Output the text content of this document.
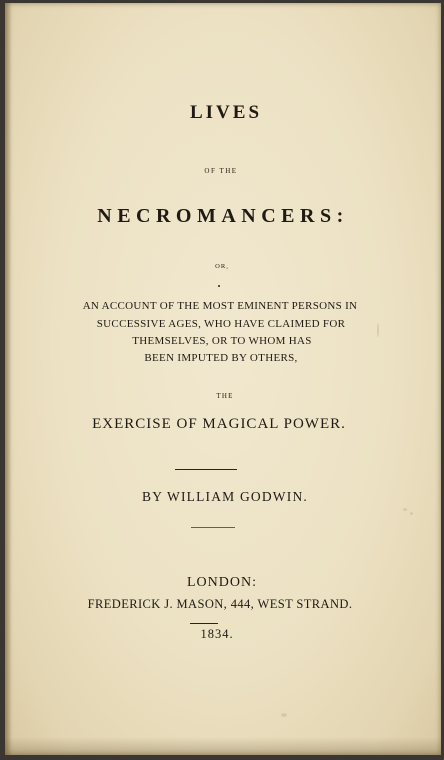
LIVES
OF THE
NECROMANCERS:
OR,
•
AN ACCOUNT OF THE MOST EMINENT PERSONS IN
SUCCESSIVE AGES, WHO HAVE CLAIMED FOR
THEMSELVES, OR TO WHOM HAS
BEEN IMPUTED BY OTHERS,
THE
EXERCISE OF MAGICAL POWER.
BY WILLIAM GODWIN.
LONDON:
FREDERICK J. MASON, 444, WEST STRAND.
1834.
